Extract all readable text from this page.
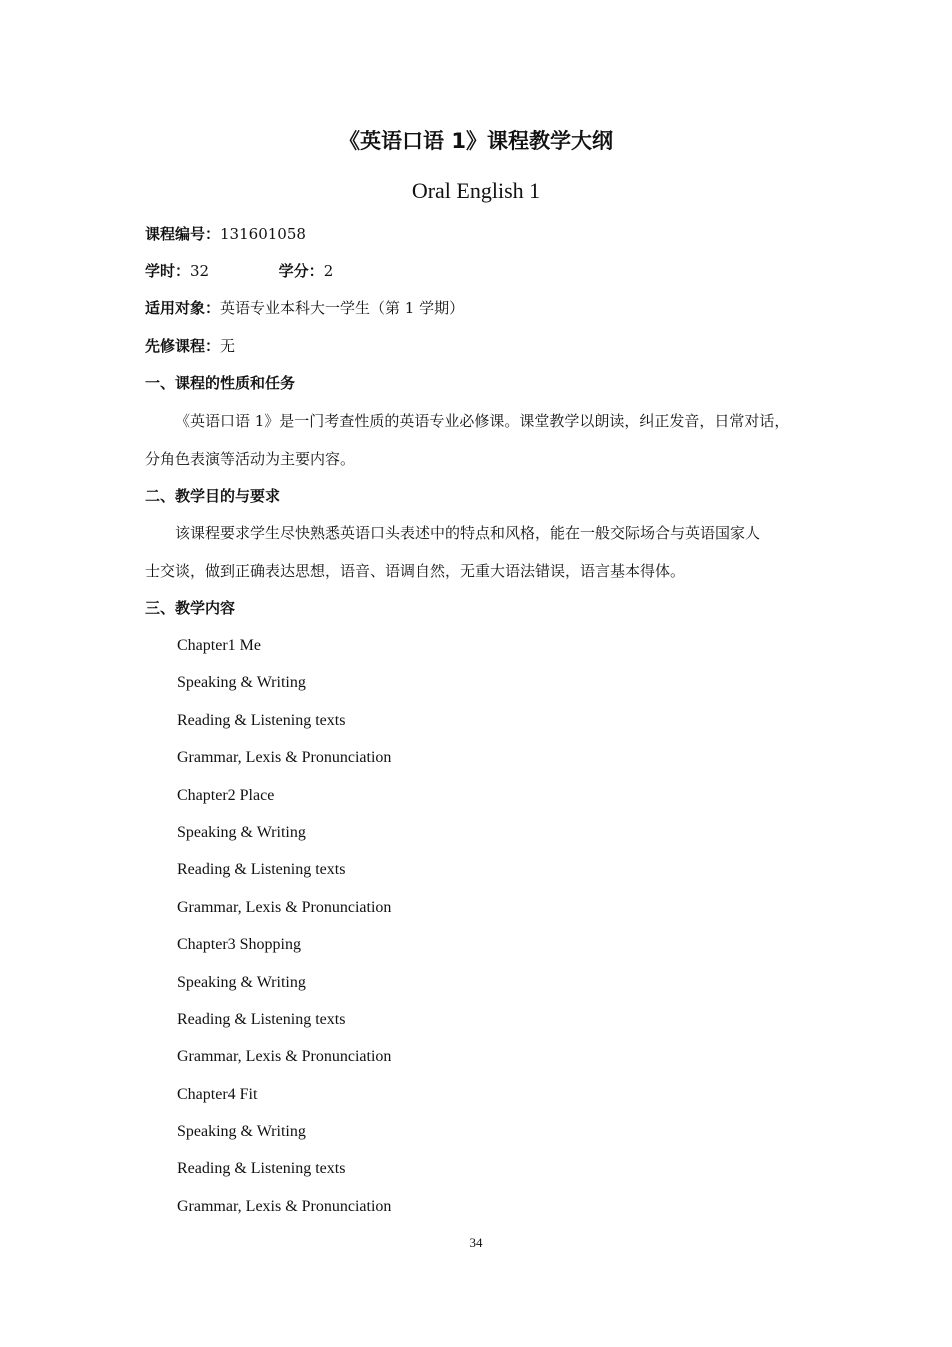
《英语口语 1》课程教学大纲
Oral English 1
课程编号：131601058
学时：32	学分：2
适用对象：英语专业本科大一学生（第 1 学期）
先修课程：无
一、课程的性质和任务
《英语口语 1》是一门考查性质的英语专业必修课。课堂教学以朗读，纠正发音，日常对话，
分角色表演等活动为主要内容。
二、教学目的与要求
该课程要求学生尽快熟悉英语口头表述中的特点和风格，能在一般交际场合与英语国家人
士交谈，做到正确表达思想，语音、语调自然，无重大语法错误，语言基本得体。
三、教学内容
Chapter1 Me
Speaking & Writing
Reading & Listening texts
Grammar, Lexis & Pronunciation
Chapter2 Place
Speaking & Writing
Reading & Listening texts
Grammar, Lexis & Pronunciation
Chapter3 Shopping
Speaking & Writing
Reading & Listening texts
Grammar, Lexis & Pronunciation
Chapter4 Fit
Speaking & Writing
Reading & Listening texts
Grammar, Lexis & Pronunciation
34
